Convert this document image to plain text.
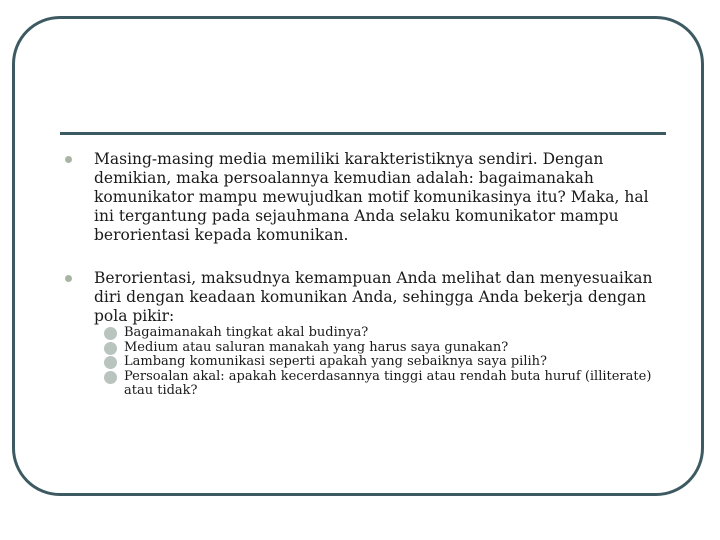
Masing-masing media memiliki karakteristiknya sendiri. Dengan demikian, maka persoalannya kemudian adalah: bagaimanakah komunikator mampu mewujudkan motif komunikasinya itu? Maka, hal ini tergantung pada sejauhmana Anda selaku komunikator mampu berorientasi kepada komunikan.
Berorientasi, maksudnya kemampuan Anda melihat dan menyesuaikan diri dengan keadaan komunikan Anda, sehingga Anda bekerja dengan pola pikir:
Bagaimanakah tingkat akal budinya?
Medium atau saluran manakah yang harus saya gunakan?
Lambang komunikasi seperti apakah yang sebaiknya saya pilih?
Persoalan akal: apakah kecerdasannya tinggi atau rendah buta huruf (illiterate) atau tidak?
